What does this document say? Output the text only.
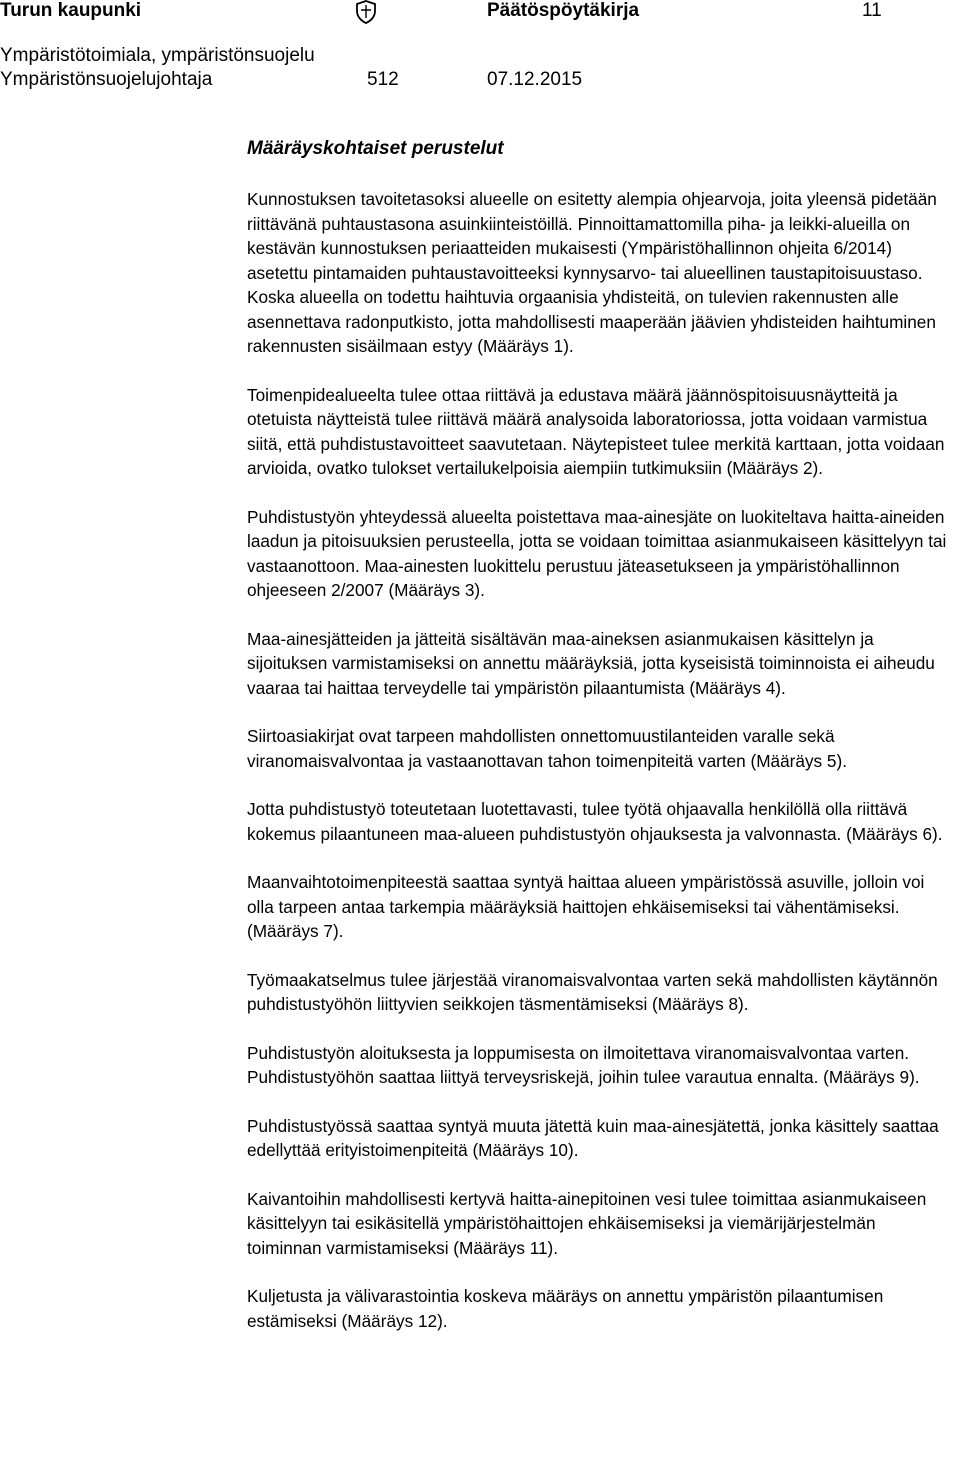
Turun kaupunki	Päätöspöytäkirja	11
Ympäristötoimiala, ympäristönsuojelu
Ympäristönsuojelujohtaja	512	07.12.2015
Määräyskohtaiset perustelut

Kunnostuksen tavoitetasoksi alueelle on esitetty alempia ohjearvoja, joita yleensä pidetään riittävänä puhtaustasona asuinkiinteistöillä. Pinnoittamattomilla piha- ja leikki-alueilla on kestävän kunnostuksen periaatteiden mukaisesti (Ympäristöhallinnon ohjeita 6/2014) asetettu pintamaiden puhtaustavoitteeksi kynnysarvo- tai alueellinen taustapitoisuustaso. Koska alueella on todettu haihtuvia orgaanisia yhdisteitä, on tulevien rakennusten alle asennettava radonputkisto, jotta mahdollisesti maaperään jäävien yhdisteiden haihtuminen rakennusten sisäilmaan estyy (Määräys 1).

Toimenpidealueelta tulee ottaa riittävä ja edustava määrä jäännöspitoisuusnäytteitä ja otetuista näytteistä tulee riittävä määrä analysoida laboratoriossa, jotta voidaan varmistua siitä, että puhdistustavoitteet saavutetaan. Näytepisteet tulee merkitä karttaan, jotta voidaan arvioida, ovatko tulokset vertailukelpoisia aiempiin tutkimuksiin (Määräys 2).

Puhdistustyön yhteydessä alueelta poistettava maa-ainesjäte on luokiteltava haitta-aineiden laadun ja pitoisuuksien perusteella, jotta se voidaan toimittaa asianmukaiseen käsittelyyn tai vastaanottoon. Maa-ainesten luokittelu perustuu jäteasetukseen ja ympäristöhallinnon ohjeeseen 2/2007 (Määräys 3).

Maa-ainesjätteiden ja jätteitä sisältävän maa-aineksen asianmukaisen käsittelyn ja sijoituksen varmistamiseksi on annettu määräyksiä, jotta kyseisistä toiminnoista ei aiheudu vaaraa tai haittaa terveydelle tai ympäristön pilaantumista (Määräys 4).

Siirtoasiakirjat ovat tarpeen mahdollisten onnettomuustilanteiden varalle sekä viranomaisvalvontaa ja vastaanottavan tahon toimenpiteitä varten (Määräys 5).

Jotta puhdistustyö toteutetaan luotettavasti, tulee työtä ohjaavalla henkilöllä olla riittävä kokemus pilaantuneen maa-alueen puhdistustyön ohjauksesta ja valvonnasta. (Määräys 6).

Maanvaihtotoimenpiteestä saattaa syntyä haittaa alueen ympäristössä asuville, jolloin voi olla tarpeen antaa tarkempia määräyksiä haittojen ehkäisemiseksi tai vähentämiseksi. (Määräys 7).

Työmaakatselmus tulee järjestää viranomaisvalvontaa varten sekä mahdollisten käytännön puhdistustyöhön liittyvien seikkojen täsmentämiseksi (Määräys 8).

Puhdistustyön aloituksesta ja loppumisesta on ilmoitettava viranomaisvalvontaa varten. Puhdistustyöhön saattaa liittyä terveysriskejä, joihin tulee varautua ennalta. (Määräys 9).

Puhdistustyössä saattaa syntyä muuta jätettä kuin maa-ainesjätettä, jonka käsittely saattaa edellyttää erityistoimenpiteitä (Määräys 10).

Kaivantoihin mahdollisesti kertyvä haitta-ainepitoinen vesi tulee toimittaa asianmukaiseen käsittelyyn tai esikäsitellä ympäristöhaittojen ehkäisemiseksi ja viemärijärjestelmän toiminnan varmistamiseksi (Määräys 11).

Kuljetusta ja välivarastointia koskeva määräys on annettu ympäristön pilaantumisen estämiseksi (Määräys 12).
